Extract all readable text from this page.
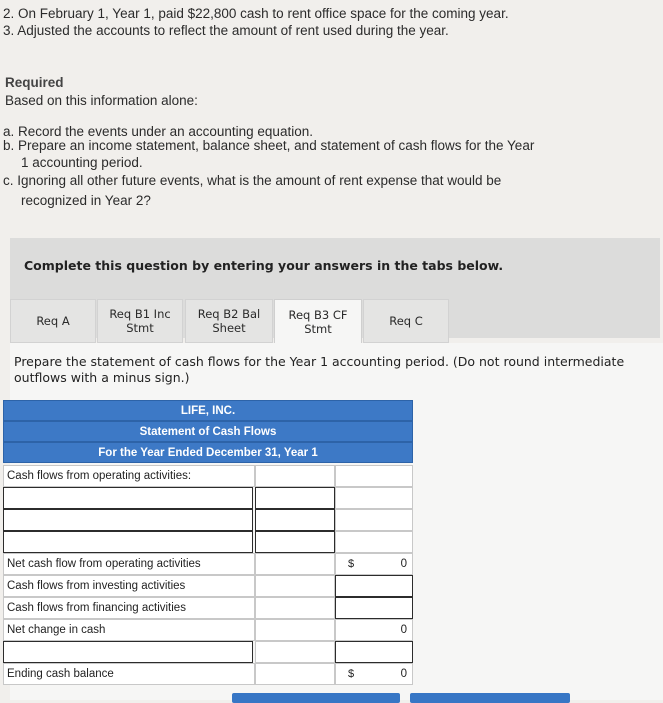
2. On February 1, Year 1, paid $22,800 cash to rent office space for the coming year.
3. Adjusted the accounts to reflect the amount of rent used during the year.
Required
Based on this information alone:
a. Record the events under an accounting equation.
b. Prepare an income statement, balance sheet, and statement of cash flows for the Year
1 accounting period.
c. Ignoring all other future events, what is the amount of rent expense that would be
recognized in Year 2?
Complete this question by entering your answers in the tabs below.
Req A	Req B1 Inc
Stmt
Req B2 Bal
Sheet
Req B3 CF
Stmt
Req C
Prepare the statement of cash flows for the Year 1 accounting period. (Do not round intermediate
outflows with a minus sign.)
LIFE, INC.
Statement of Cash Flows
For the Year Ended December 31, Year 1
Cash flows from operating activities:
Net cash flow from operating activities	$	0
Cash flows from investing activities
Cash flows from financing activities
Net change in cash	0
Ending cash balance	$	0
